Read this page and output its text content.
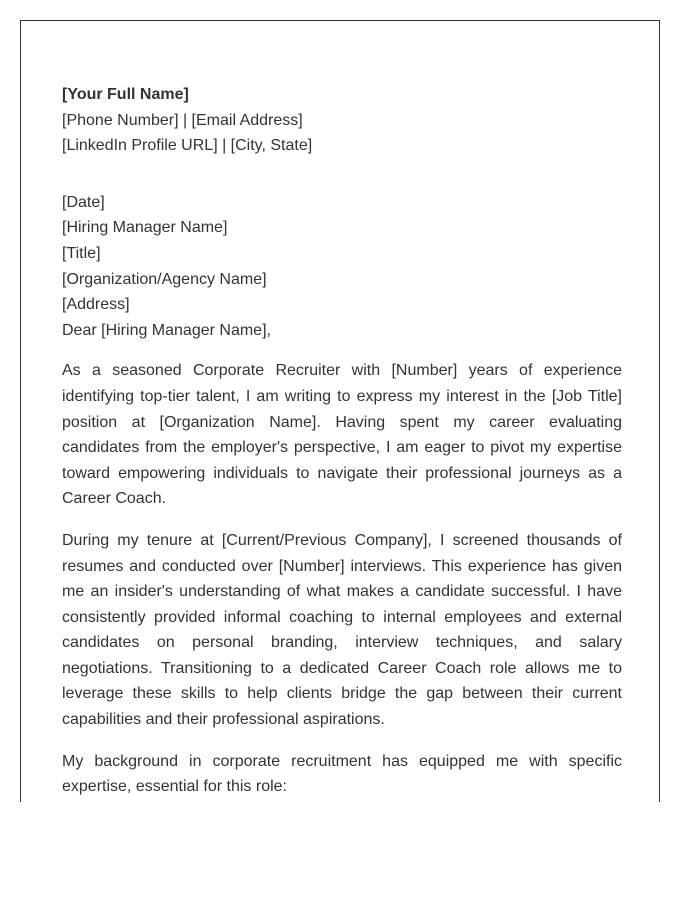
[Your Full Name]
[Phone Number] | [Email Address]
[LinkedIn Profile URL] | [City, State]
[Date]
[Hiring Manager Name]
[Title]
[Organization/Agency Name]
[Address]

Dear [Hiring Manager Name],

As a seasoned Corporate Recruiter with [Number] years of experience identifying top-tier talent, I am writing to express my interest in the [Job Title] position at [Organization Name]. Having spent my career evaluating candidates from the employer's perspective, I am eager to pivot my expertise toward empowering individuals to navigate their professional journeys as a Career Coach.

During my tenure at [Current/Previous Company], I screened thousands of resumes and conducted over [Number] interviews. This experience has given me an insider's understanding of what makes a candidate successful. I have consistently provided informal coaching to internal employees and external candidates on personal branding, interview techniques, and salary negotiations. Transitioning to a dedicated Career Coach role allows me to leverage these skills to help clients bridge the gap between their current capabilities and their professional aspirations.

My background in corporate recruitment has equipped me with specific expertise, essential for this role:
